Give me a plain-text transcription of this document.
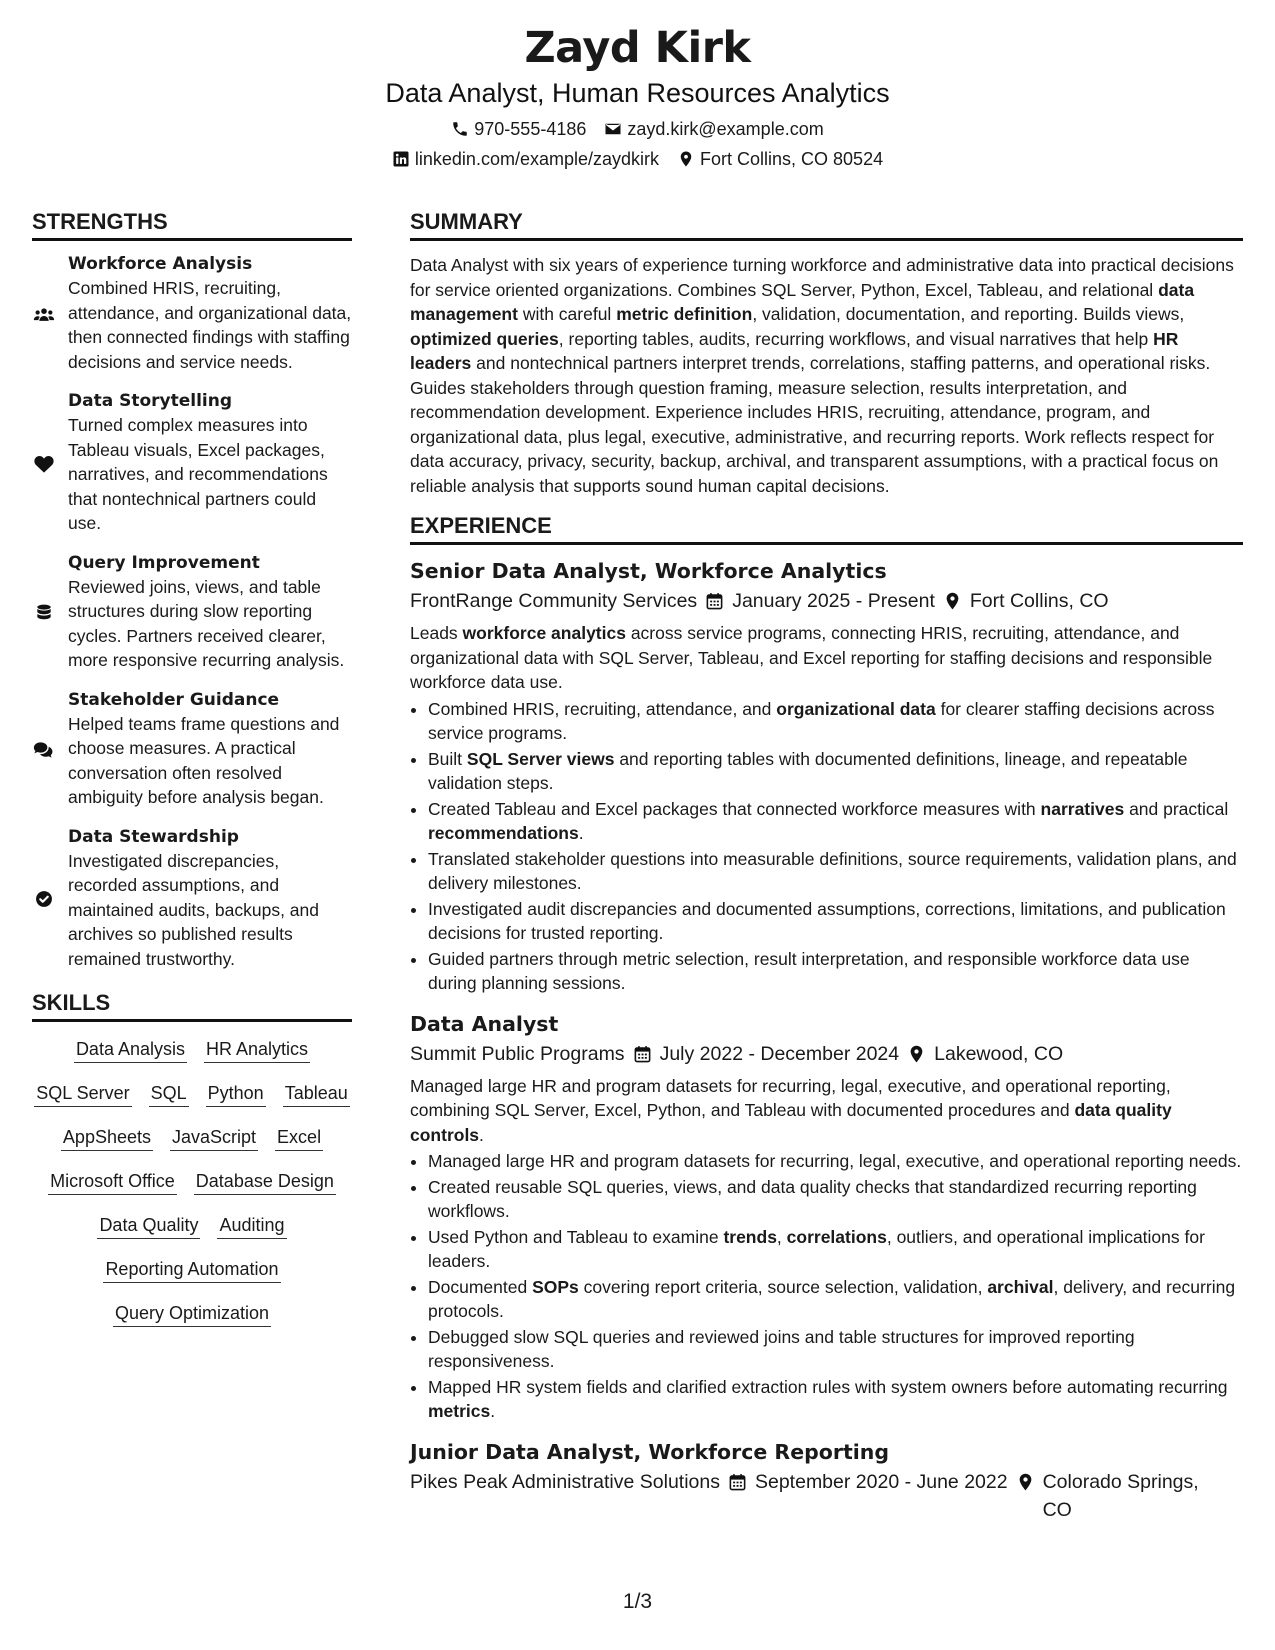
Zayd Kirk
Data Analyst, Human Resources Analytics
970-555-4186 zayd.kirk@example.com
linkedin.com/example/zaydkirk Fort Collins, CO 80524
STRENGTHS
Workforce Analysis
Combined HRIS, recruiting, attendance, and organizational data, then connected findings with staffing decisions and service needs.
Data Storytelling
Turned complex measures into Tableau visuals, Excel packages, narratives, and recommendations that nontechnical partners could use.
Query Improvement
Reviewed joins, views, and table structures during slow reporting cycles. Partners received clearer, more responsive recurring analysis.
Stakeholder Guidance
Helped teams frame questions and choose measures. A practical conversation often resolved ambiguity before analysis began.
Data Stewardship
Investigated discrepancies, recorded assumptions, and maintained audits, backups, and archives so published results remained trustworthy.
SKILLS
Data Analysis HR Analytics
SQL Server SQL Python Tableau
AppSheets JavaScript Excel
Microsoft Office Database Design
Data Quality Auditing
Reporting Automation
Query Optimization
SUMMARY
Data Analyst with six years of experience turning workforce and administrative data into practical decisions for service oriented organizations. Combines SQL Server, Python, Excel, Tableau, and relational data management with careful metric definition, validation, documentation, and reporting. Builds views, optimized queries, reporting tables, audits, recurring workflows, and visual narratives that help HR leaders and nontechnical partners interpret trends, correlations, staffing patterns, and operational risks. Guides stakeholders through question framing, measure selection, results interpretation, and recommendation development. Experience includes HRIS, recruiting, attendance, program, and organizational data, plus legal, executive, administrative, and recurring reports. Work reflects respect for data accuracy, privacy, security, backup, archival, and transparent assumptions, with a practical focus on reliable analysis that supports sound human capital decisions.
EXPERIENCE
Senior Data Analyst, Workforce Analytics
FrontRange Community Services January 2025 - Present Fort Collins, CO
Leads workforce analytics across service programs, connecting HRIS, recruiting, attendance, and organizational data with SQL Server, Tableau, and Excel reporting for staffing decisions and responsible workforce data use.
• Combined HRIS, recruiting, attendance, and organizational data for clearer staffing decisions across service programs.
• Built SQL Server views and reporting tables with documented definitions, lineage, and repeatable validation steps.
• Created Tableau and Excel packages that connected workforce measures with narratives and practical recommendations.
• Translated stakeholder questions into measurable definitions, source requirements, validation plans, and delivery milestones.
• Investigated audit discrepancies and documented assumptions, corrections, limitations, and publication decisions for trusted reporting.
• Guided partners through metric selection, result interpretation, and responsible workforce data use during planning sessions.
Data Analyst
Summit Public Programs July 2022 - December 2024 Lakewood, CO
Managed large HR and program datasets for recurring, legal, executive, and operational reporting, combining SQL Server, Excel, Python, and Tableau with documented procedures and data quality controls.
• Managed large HR and program datasets for recurring, legal, executive, and operational reporting needs.
• Created reusable SQL queries, views, and data quality checks that standardized recurring reporting workflows.
• Used Python and Tableau to examine trends, correlations, outliers, and operational implications for leaders.
• Documented SOPs covering report criteria, source selection, validation, archival, delivery, and recurring protocols.
• Debugged slow SQL queries and reviewed joins and table structures for improved reporting responsiveness.
• Mapped HR system fields and clarified extraction rules with system owners before automating recurring metrics.
Junior Data Analyst, Workforce Reporting
Pikes Peak Administrative Solutions September 2020 - June 2022 Colorado Springs, CO
1/3
